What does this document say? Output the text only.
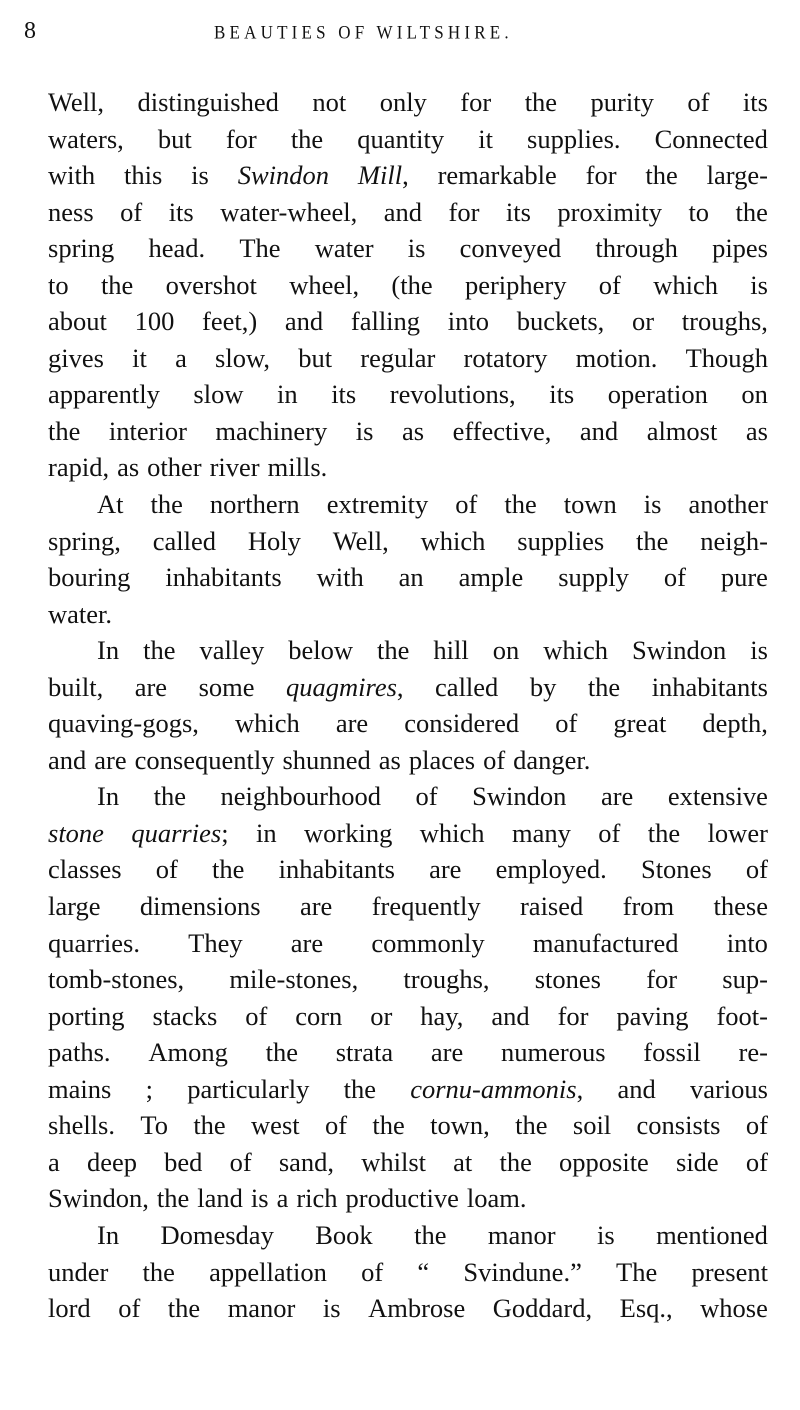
8	BEAUTIES OF WILTSHIRE.
Well, distinguished not only for the purity of its
waters, but for the quantity it supplies. Connected
with this is Swindon Mill, remarkable for the large-
ness of its water-wheel, and for its proximity to the
spring head. The water is conveyed through pipes
to the overshot wheel, (the periphery of which is
about 100 feet,) and falling into buckets, or troughs,
gives it a slow, but regular rotatory motion. Though
apparently slow in its revolutions, its operation on
the interior machinery is as effective, and almost as
rapid, as other river mills.
At the northern extremity of the town is another
spring, called Holy Well, which supplies the neigh-
bouring inhabitants with an ample supply of pure
water.
In the valley below the hill on which Swindon is
built, are some quagmires, called by the inhabitants
quaving-gogs, which are considered of great depth,
and are consequently shunned as places of danger.
In the neighbourhood of Swindon are extensive
stone quarries; in working which many of the lower
classes of the inhabitants are employed. Stones of
large dimensions are frequently raised from these
quarries. They are commonly manufactured into
tomb-stones, mile-stones, troughs, stones for sup-
porting stacks of corn or hay, and for paving foot-
paths. Among the strata are numerous fossil re-
mains ; particularly the cornu-ammonis, and various
shells. To the west of the town, the soil consists of
a deep bed of sand, whilst at the opposite side of
Swindon, the land is a rich productive loam.
In Domesday Book the manor is mentioned
under the appellation of “ Svindune.” The present
lord of the manor is Ambrose Goddard, Esq., whose
